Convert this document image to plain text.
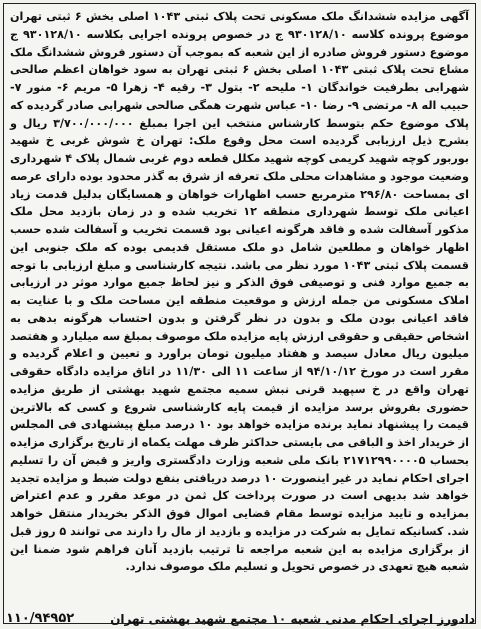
آگهی مزایده ششدانگ ملک مسکونی تحت پلاک ثبتی ۱۰۴۳ اصلی بخش ۶ ثبتی تهران موضوع پرونده کلاسه ۹۳۰۱۲۸/۱۰ ج در خصوص پرونده اجرایی بکلاسه ۹۳۰۱۲۸/۱۰ ج موضوع دستور فروش صادره از این شعبه که بموجب آن دستور فروش ششدانگ ملک مشاع تحت پلاک ثبتی ۱۰۴۳ اصلی بخش ۶ ثبتی تهران به سود خواهان اعظم صالحی شهرابی بطرفیت خواندگان ۱- ملیحه ۲- بتول ۳- رقیه ۴- زهرا ۵- مریم ۶- منور ۷- حبیب اله ۸- مرتضی ۹- رضا ۱۰- عباس شهرت همگی صالحی شهرابی صادر گردیده که پلاک موضوع حکم بتوسط کارشناس منتخب این اجرا بمبلغ ۳/۷۰۰/۰۰۰/۰۰۰ ریال و بشرح ذیل ارزیابی گردیده است محل وقوع ملک: تهران خ شوش غربی خ شهید بوربور کوچه شهید کریمی کوچه شهید مکلل قطعه دوم غربی شمال پلاک ۴ شهرداری وضعیت موجود و مشاهدات محلی ملک تعرفه از شرق به گذر محدود بوده دارای عرصه ای بمساحت ۲۹۶/۸۰ مترمربع حسب اظهارات خواهان و همسایگان بدلیل قدمت زیاد اعیانی ملک توسط شهرداری منطقه ۱۲ تخریب شده و در زمان بازدید محل ملک مذکور آسفالت شده و فاقد هرگونه اعیانی بود قسمت تخریب و آسفالت شده حسب اظهار خواهان و مطلعین شامل دو ملک مستقل قدیمی بوده که ملک جنوبی این قسمت پلاک ثبتی ۱۰۴۳ مورد نظر می باشد. نتیجه کارشناسی و مبلغ ارزیابی با توجه به جمیع موارد فنی و توصیفی فوق الذکر و نیز لحاظ جمیع موارد موثر در ارزیابی املاک مسکونی من جمله ارزش و موقعیت منطقه این مساحت ملک و با عنایت به فاقد اعیانی بودن ملک و بدون در نظر گرفتن و بدون احتساب هرگونه بدهی به اشخاص حقیقی و حقوقی ارزش پایه مزایده ملک موصوف بمبلغ سه میلیارد و هفتصد میلیون ریال معادل سیصد و هفتاد میلیون تومان براورد و تعیین و اعلام گردیده و مقرر است در مورخ ۹۴/۱۰/۱۲ از ساعت ۱۱ الی ۱۱/۳۰ در اتاق مزایده دادگاه حقوقی تهران واقع در خ سپهبد قرنی نبش سمیه مجتمع شهید بهشتی از طریق مزایده حضوری بفروش برسد مزایده از قیمت پایه کارشناسی شروع و کسی که بالاترین قیمت را پیشنهاد نماید برنده مزایده خواهد بود ۱۰ درصد مبلغ پیشنهادی فی المجلس از خریدار اخذ و الباقی می بایستی حداکثر ظرف مهلت یکماه از تاریخ برگزاری مزایده بحساب ۲۱۷۱۲۹۹۰۰۰۰۵ بانک ملی شعبه وزارت دادگستری واریز و قبض آن را تسلیم اجرای احکام نماید در غیر اینصورت ۱۰ درصد دریافتی بنفع دولت ضبط و مزایده تجدید خواهد شد بدیهی است در صورت پرداخت کل ثمن در موعد مقرر و عدم اعتراض بمزایده و تایید مزایده توسط مقام قضایی اموال فوق الذکر بخریدار منتقل خواهد شد. کسانیکه تمایل به شرکت در مزایده و بازدید از مال را دارند می توانند ۵ روز قبل از برگزاری مزایده به این شعبه مراجعه تا ترتیب بازدید آنان فراهم شود ضمنا این شعبه هیچ تعهدی در خصوص تحویل و تسلیم ملک موصوف ندارد.

دادورز اجرای احکام مدنی شعبه ۱۰ مجتمع شهید بهشتی تهران
۱۱۰/۹۴۹۵۲
